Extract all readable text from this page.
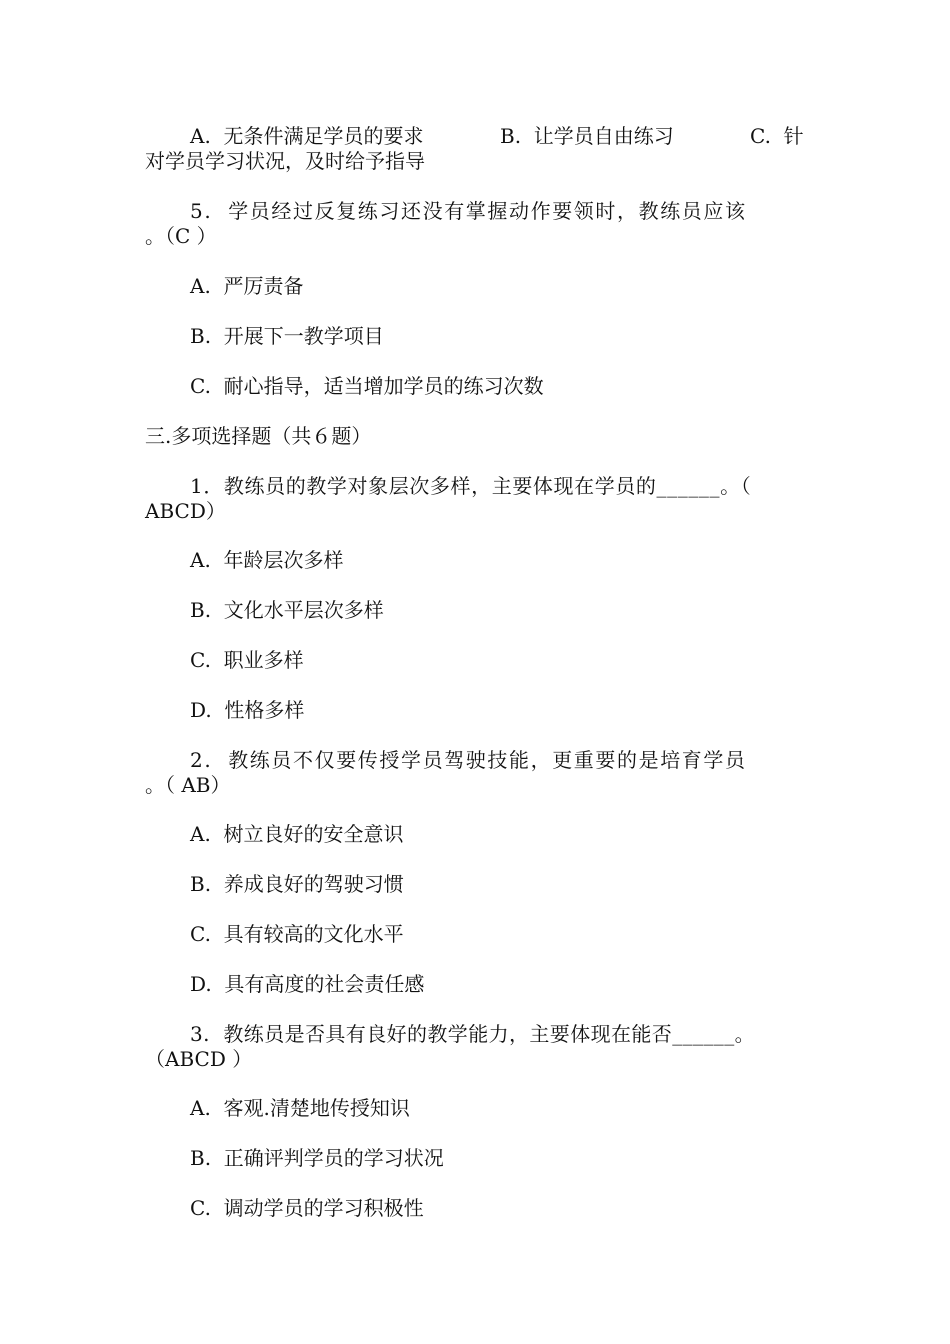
A.  无条件满足学员的要求	B.  让学员自由练习	C.  针
对学员学习状况，及时给予指导
5.  学员经过反复练习还没有掌握动作要领时，教练员应该
。（C ）
A.  严厉责备
B.  开展下一教学项目
C.  耐心指导，适当增加学员的练习次数
三.多项选择题（共６题）
1．教练员的教学对象层次多样，主要体现在学员的______。（
ABCD）
A.  年龄层次多样
B.  文化水平层次多样
C.  职业多样
D.  性格多样
2.  教练员不仅要传授学员驾驶技能，更重要的是培育学员
。（ AB）
A.  树立良好的安全意识
B.  养成良好的驾驶习惯
C.  具有较高的文化水平
D.  具有高度的社会责任感
3.  教练员是否具有良好的教学能力，主要体现在能否______。
（ABCD ）
A.  客观.清楚地传授知识
B.  正确评判学员的学习状况
C.  调动学员的学习积极性
